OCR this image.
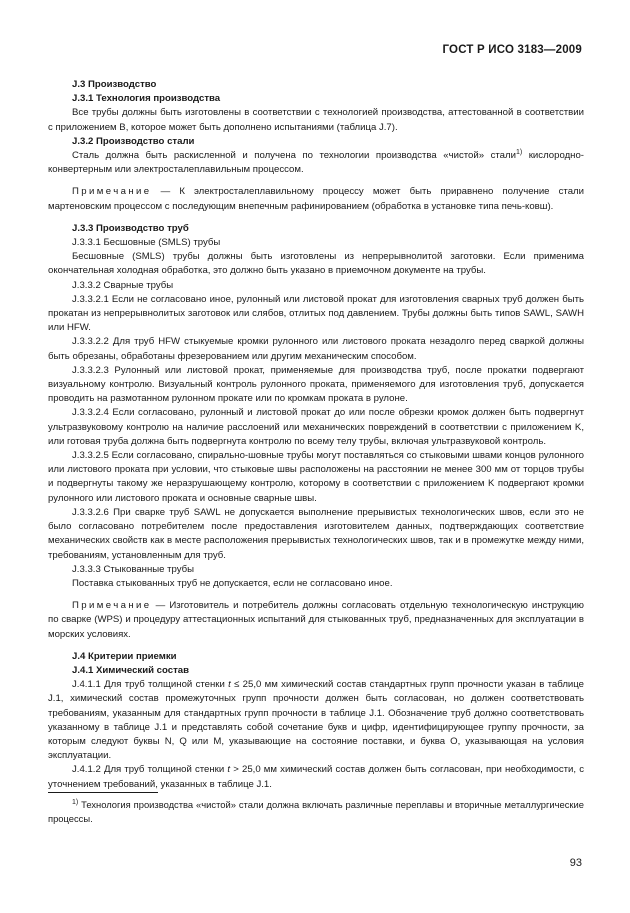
ГОСТ Р ИСО 3183—2009

J.3 Производство

J.3.1 Технология производства

Все трубы должны быть изготовлены в соответствии с технологией производства, аттестованной в соответствии с приложением B, которое может быть дополнено испытаниями (таблица J.7).

J.3.2 Производство стали

Сталь должна быть раскисленной и получена по технологии производства «чистой» стали$^{1)}$ кислородно-конвертерным или электросталеплавильным процессом.

Примечание — К электросталеплавильному процессу может быть приравнено получение стали мартеновским процессом с последующим внепечным рафинированием (обработка в установке типа печь-ковш).

J.3.3 Производство труб

J.3.3.1 Бесшовные (SMLS) трубы

Бесшовные (SMLS) трубы должны быть изготовлены из непрерывнолитой заготовки. Если применима окончательная холодная обработка, это должно быть указано в приемочном документе на трубы.

J.3.3.2 Сварные трубы

J.3.3.2.1 Если не согласовано иное, рулонный или листовой прокат для изготовления сварных труб должен быть прокатан из непрерывнолитых заготовок или слябов, отлитых под давлением. Трубы должны быть типов SAWL, SAWH или HFW.

J.3.3.2.2 Для труб HFW стыкуемые кромки рулонного или листового проката незадолго перед сваркой должны быть обрезаны, обработаны фрезерованием или другим механическим способом.

J.3.3.2.3 Рулонный или листовой прокат, применяемые для производства труб, после прокатки подвергают визуальному контролю. Визуальный контроль рулонного проката, применяемого для изготовления труб, допускается проводить на размотанном рулонном прокате или по кромкам проката в рулоне.

J.3.3.2.4 Если согласовано, рулонный и листовой прокат до или после обрезки кромок должен быть подвергнут ультразвуковому контролю на наличие расслоений или механических повреждений в соответствии с приложением K, или готовая труба должна быть подвергнута контролю по всему телу трубы, включая ультразвуковой контроль.

J.3.3.2.5 Если согласовано, спирально-шовные трубы могут поставляться со стыковыми швами концов рулонного или листового проката при условии, что стыковые швы расположены на расстоянии не менее 300 мм от торцов трубы и подвергнуты такому же неразрушающему контролю, которому в соответствии с приложением K подвергают кромки рулонного или листового проката и основные сварные швы.

J.3.3.2.6 При сварке труб SAWL не допускается выполнение прерывистых технологических швов, если это не было согласовано потребителем после предоставления изготовителем данных, подтверждающих соответствие механических свойств как в месте расположения прерывистых технологических швов, так и в промежутке между ними, требованиям, установленным для труб.

J.3.3.3 Стыкованные трубы

Поставка стыкованных труб не допускается, если не согласовано иное.

Примечание — Изготовитель и потребитель должны согласовать отдельную технологическую инструкцию по сварке (WPS) и процедуру аттестационных испытаний для стыкованных труб, предназначенных для эксплуатации в морских условиях.

J.4 Критерии приемки

J.4.1 Химический состав

J.4.1.1 Для труб толщиной стенки t ≤ 25,0 мм химический состав стандартных групп прочности указан в таблице J.1, химический состав промежуточных групп прочности должен быть согласован, но должен соответствовать требованиям, указанным для стандартных групп прочности в таблице J.1. Обозначение труб должно соответствовать указанному в таблице J.1 и представлять собой сочетание букв и цифр, идентифицирующее группу прочности, за которым следуют буквы N, Q или M, указывающие на состояние поставки, и буква O, указывающая на условия эксплуатации.

J.4.1.2 Для труб толщиной стенки t > 25,0 мм химический состав должен быть согласован, при необходимости, с уточнением требований, указанных в таблице J.1.

$^{1)}$ Технология производства «чистой» стали должна включать различные переплавы и вторичные металлургические процессы.

93
